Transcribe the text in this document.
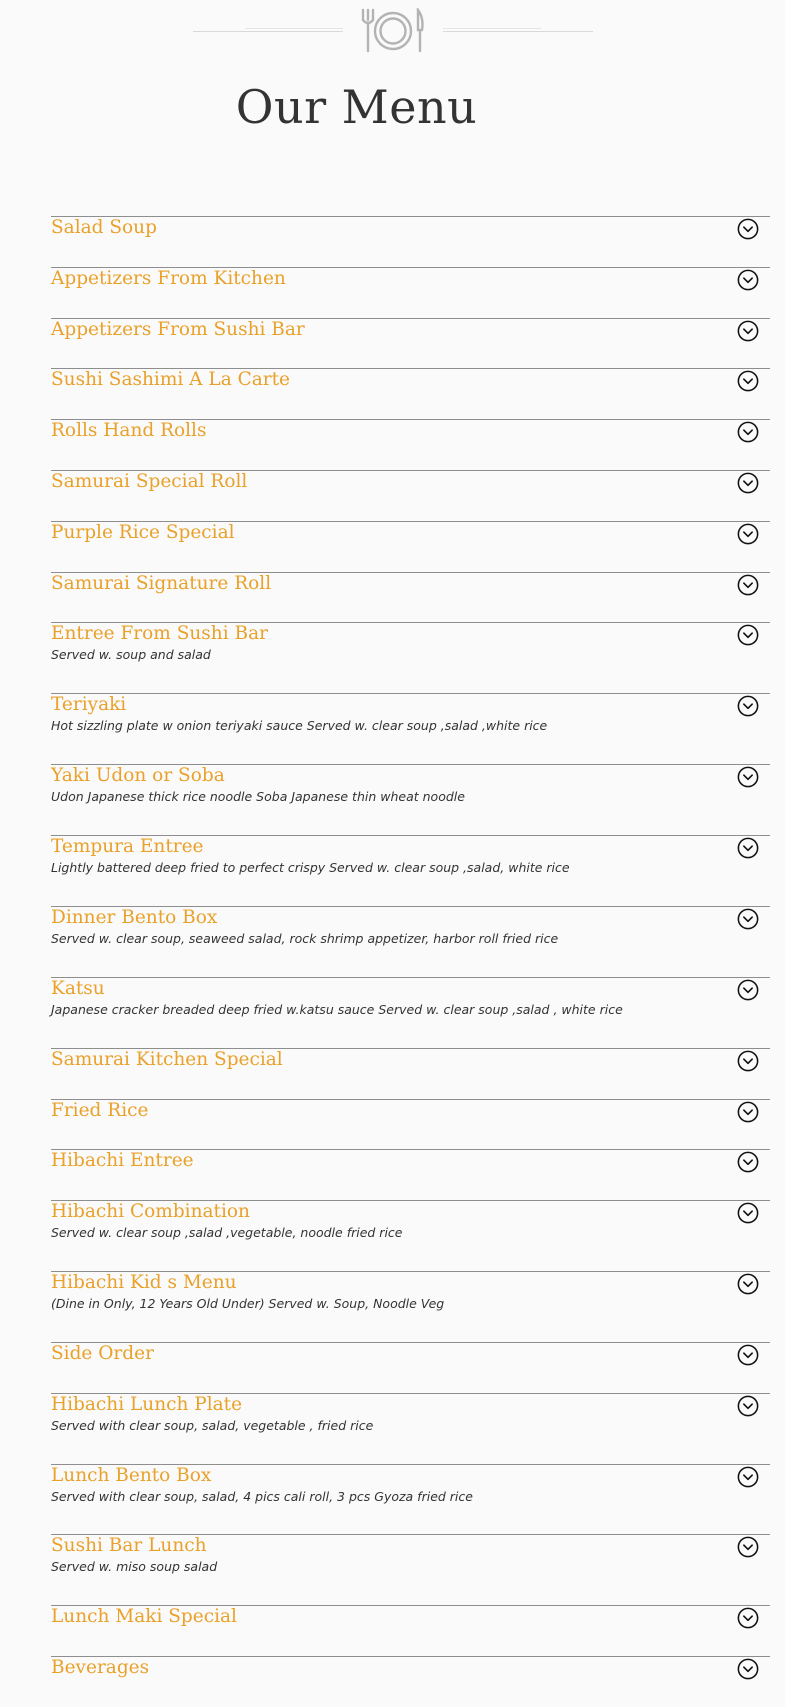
Our Menu
Salad Soup
Appetizers From Kitchen
Appetizers From Sushi Bar
Sushi Sashimi A La Carte
Rolls Hand Rolls
Samurai Special Roll
Purple Rice Special
Samurai Signature Roll
Entree From Sushi Bar
Served w. soup and salad
Teriyaki
Hot sizzling plate w onion teriyaki sauce Served w. clear soup ,salad ,white rice
Yaki Udon or Soba
Udon Japanese thick rice noodle Soba Japanese thin wheat noodle
Tempura Entree
Lightly battered deep fried to perfect crispy Served w. clear soup ,salad, white rice
Dinner Bento Box
Served w. clear soup, seaweed salad, rock shrimp appetizer, harbor roll fried rice
Katsu
Japanese cracker breaded deep fried w.katsu sauce Served w. clear soup ,salad , white rice
Samurai Kitchen Special
Fried Rice
Hibachi Entree
Hibachi Combination
Served w. clear soup ,salad ,vegetable, noodle fried rice
Hibachi Kid s Menu
(Dine in Only, 12 Years Old Under) Served w. Soup, Noodle Veg
Side Order
Hibachi Lunch Plate
Served with clear soup, salad, vegetable , fried rice
Lunch Bento Box
Served with clear soup, salad, 4 pics cali roll, 3 pcs Gyoza fried rice
Sushi Bar Lunch
Served w. miso soup salad
Lunch Maki Special
Beverages
